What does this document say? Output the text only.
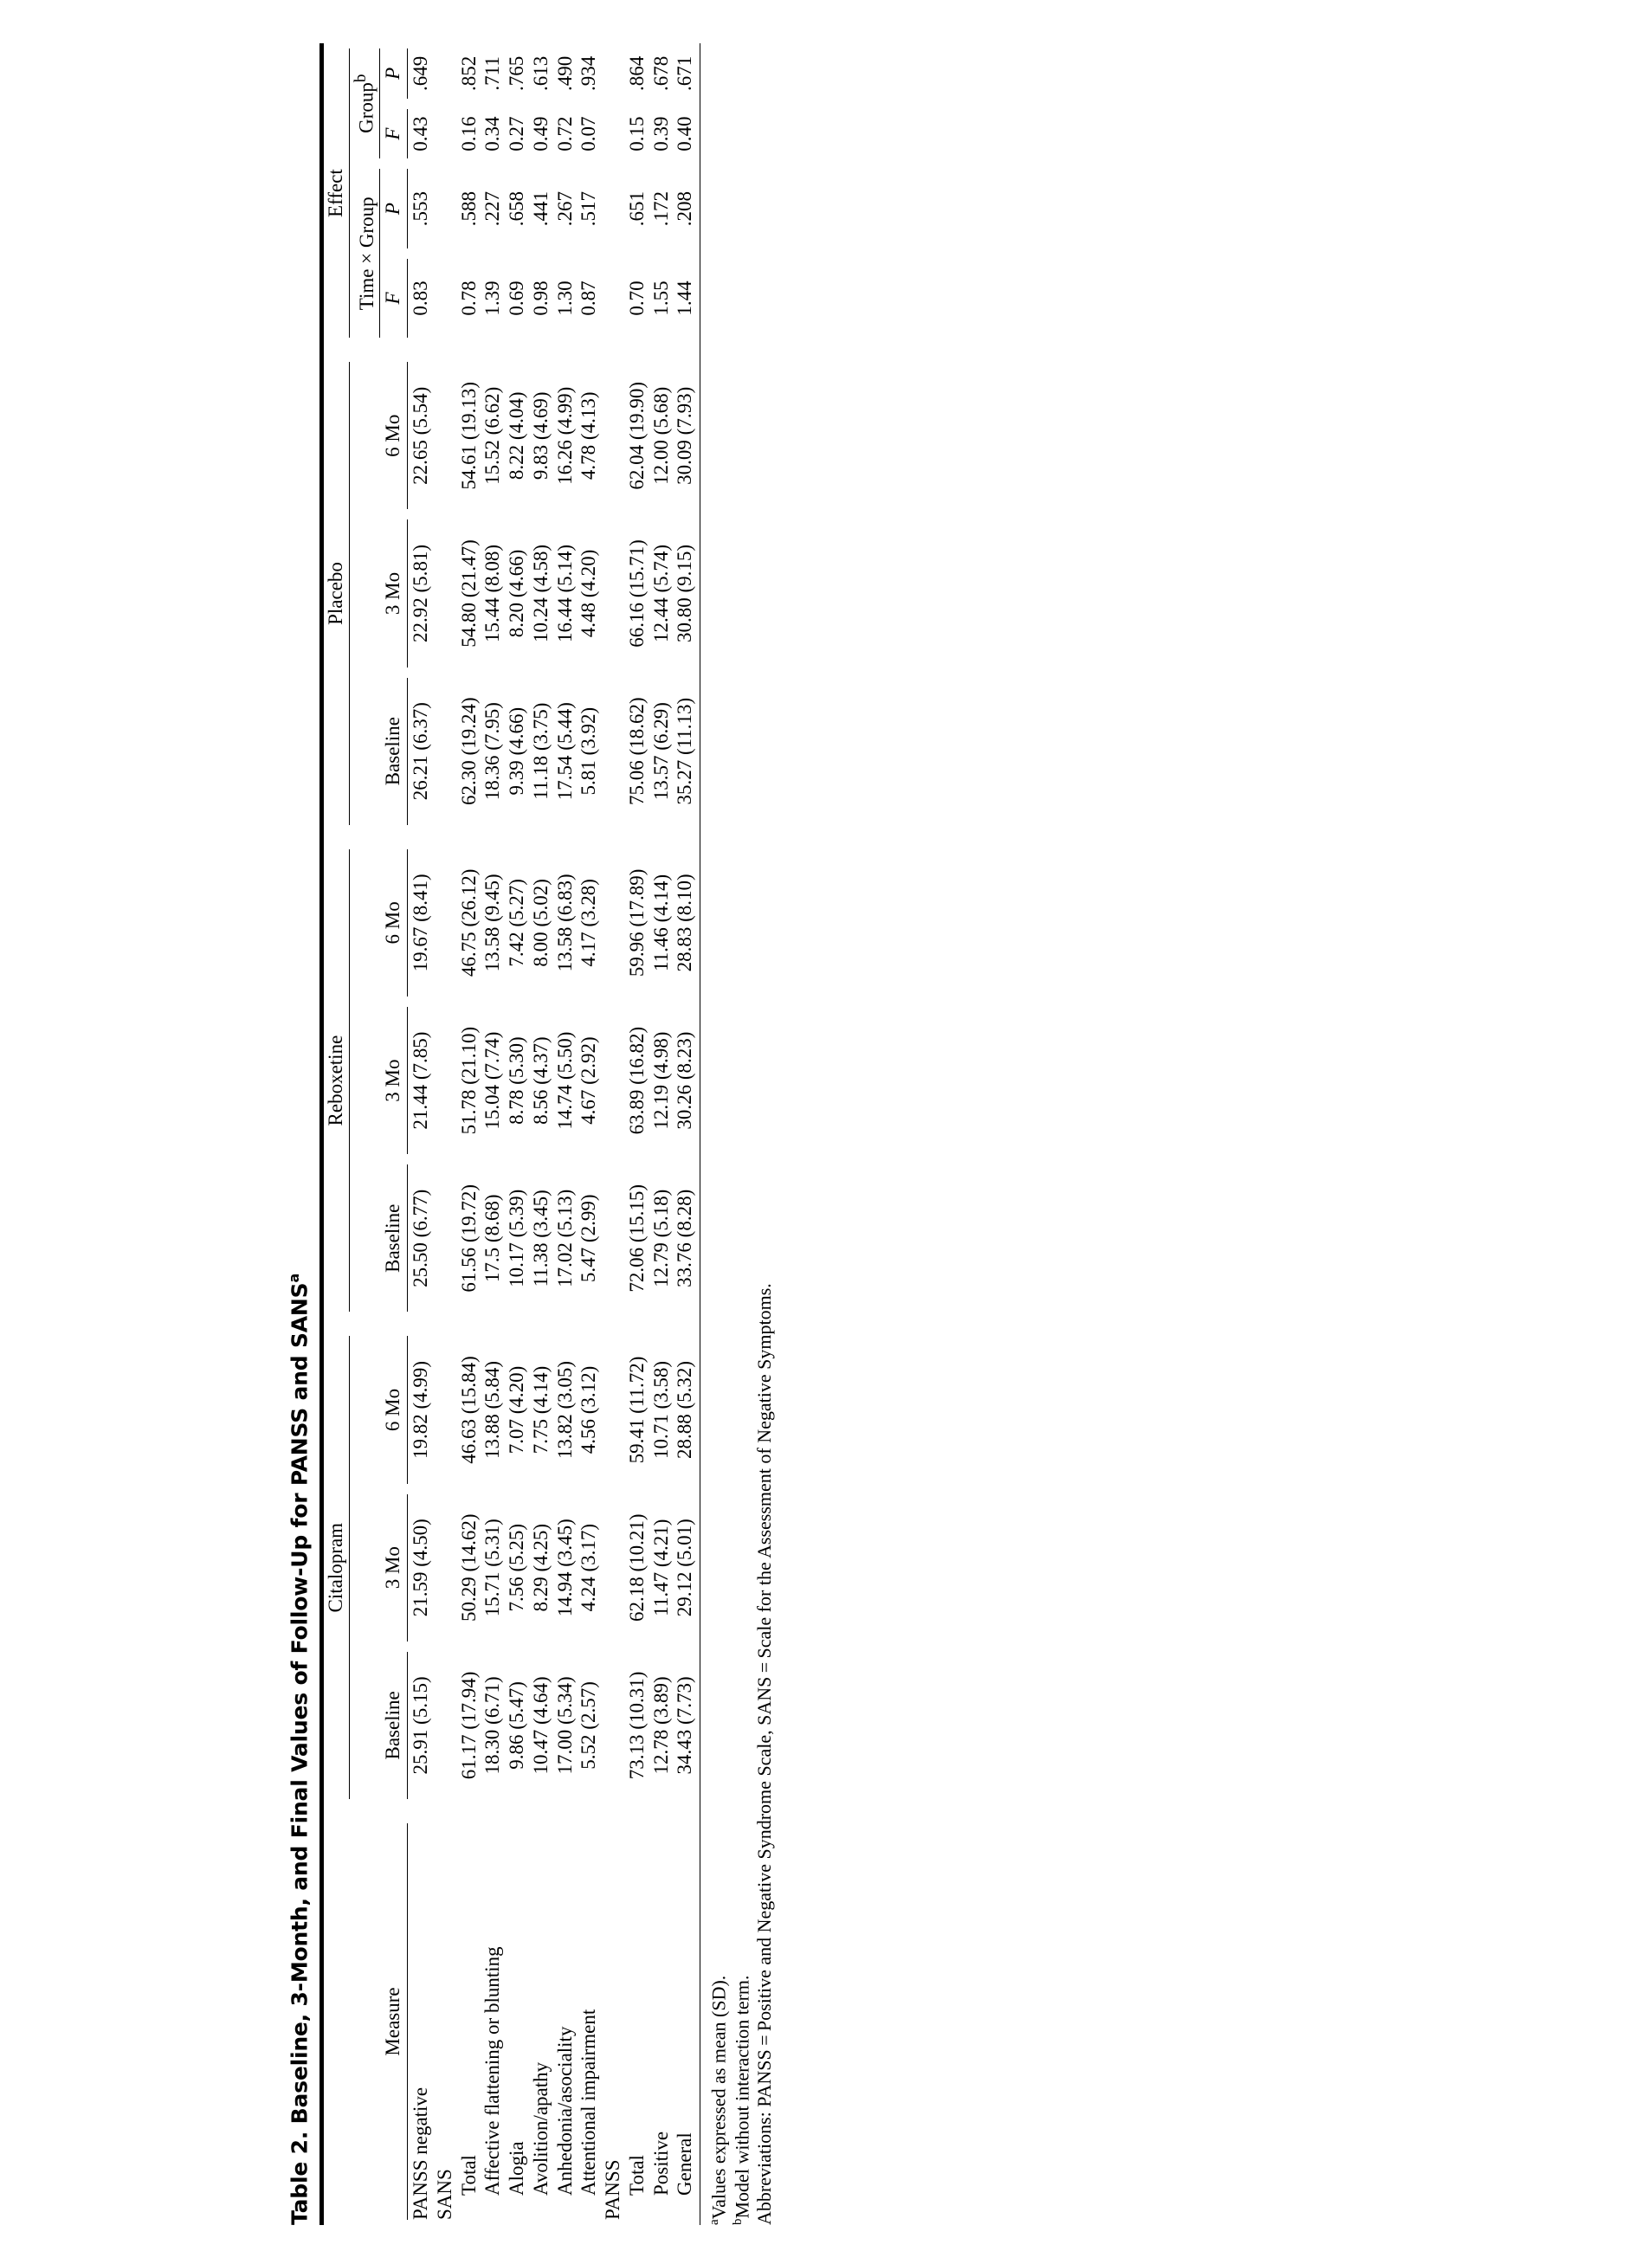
Table 2. Baseline, 3-Month, and Final Values of Follow-Up for PANSS and SANS$^a$

		Citalopram				Reboxetine				Placebo				Effect			

														Time × Group		Group$^b$

Measure		Baseline	3 Mo	6 Mo		Baseline	3 Mo	6 Mo		Baseline	3 Mo	6 Mo		F	P	F	P

PANSS negative		25.91 (5.15)	21.59 (4.50)	19.82 (4.99)		25.50 (6.77)	21.44 (7.85)	19.67 (8.41)		26.21 (6.37)	22.92 (5.81)	22.65 (5.54)		0.83	.553	0.43	.649
SANS																	
Total		61.17 (17.94)	50.29 (14.62)	46.63 (15.84)		61.56 (19.72)	51.78 (21.10)	46.75 (26.12)		62.30 (19.24)	54.80 (21.47)	54.61 (19.13)		0.78	.588	0.16	.852
Affective flattening or blunting		18.30 (6.71)	15.71 (5.31)	13.88 (5.84)		17.5 (8.68)	15.04 (7.74)	13.58 (9.45)		18.36 (7.95)	15.44 (8.08)	15.52 (6.62)		1.39	.227	0.34	.711
Alogia		9.86 (5.47)	7.56 (5.25)	7.07 (4.20)		10.17 (5.39)	8.78 (5.30)	7.42 (5.27)		9.39 (4.66)	8.20 (4.66)	8.22 (4.04)		0.69	.658	0.27	.765
Avolition/apathy		10.47 (4.64)	8.29 (4.25)	7.75 (4.14)		11.38 (3.45)	8.56 (4.37)	8.00 (5.02)		11.18 (3.75)	10.24 (4.58)	9.83 (4.69)		0.98	.441	0.49	.613
Anhedonia/asociality		17.00 (5.34)	14.94 (3.45)	13.82 (3.05)		17.02 (5.13)	14.74 (5.50)	13.58 (6.83)		17.54 (5.44)	16.44 (5.14)	16.26 (4.99)		1.30	.267	0.72	.490
Attentional impairment		5.52 (2.57)	4.24 (3.17)	4.56 (3.12)		5.47 (2.99)	4.67 (2.92)	4.17 (3.28)		5.81 (3.92)	4.48 (4.20)	4.78 (4.13)		0.87	.517	0.07	.934
PANSS																	
Total		73.13 (10.31)	62.18 (10.21)	59.41 (11.72)		72.06 (15.15)	63.89 (16.82)	59.96 (17.89)		75.06 (18.62)	66.16 (15.71)	62.04 (19.90)		0.70	.651	0.15	.864
Positive		12.78 (3.89)	11.47 (4.21)	10.71 (3.58)		12.79 (5.18)	12.19 (4.98)	11.46 (4.14)		13.57 (6.29)	12.44 (5.74)	12.00 (5.68)		1.55	.172	0.39	.678
General		34.43 (7.73)	29.12 (5.01)	28.88 (5.32)		33.76 (8.28)	30.26 (8.23)	28.83 (8.10)		35.27 (11.13)	30.80 (9.15)	30.09 (7.93)		1.44	.208	0.40	.671
$^a$Values expressed as mean (SD).
$^b$Model without interaction term. Abbreviations: PANSS = Positive and Negative Syndrome Scale, SANS = Scale for the Assessment of Negative Symptoms.
